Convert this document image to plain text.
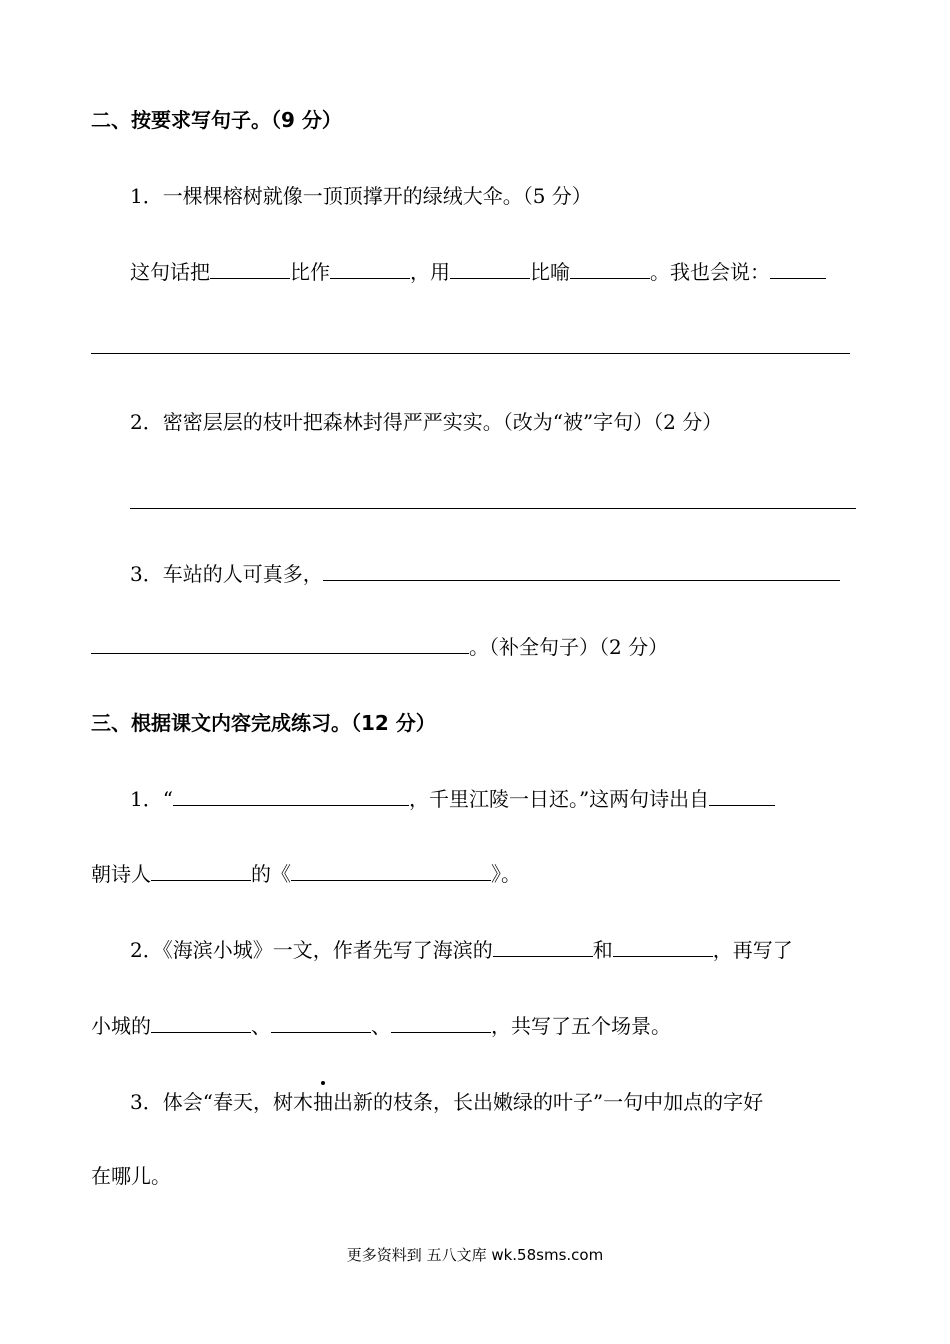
二、按要求写句子。（9 分）
1．一棵棵榕树就像一顶顶撑开的绿绒大伞。（5 分）
这句话把	比作	，用	比喻	。我也会说：
2．密密层层的枝叶把森林封得严严实实。（改为“被”字句）（2 分）
3．车站的人可真多，
。（补全句子）（2 分）
三、根据课文内容完成练习。（12 分）
1．“	，千里江陵一日还。”这两句诗出自
朝诗人	的《	》。
2．《海滨小城》一文，作者先写了海滨的	和	，再写了
小城的	、	、	，共写了五个场景。
3．体会“春天，树木
抽出新的枝条，长出嫩绿的叶子”一句中加点的字好
在哪儿。
更多资料到 五八文库 wk.58sms.com
